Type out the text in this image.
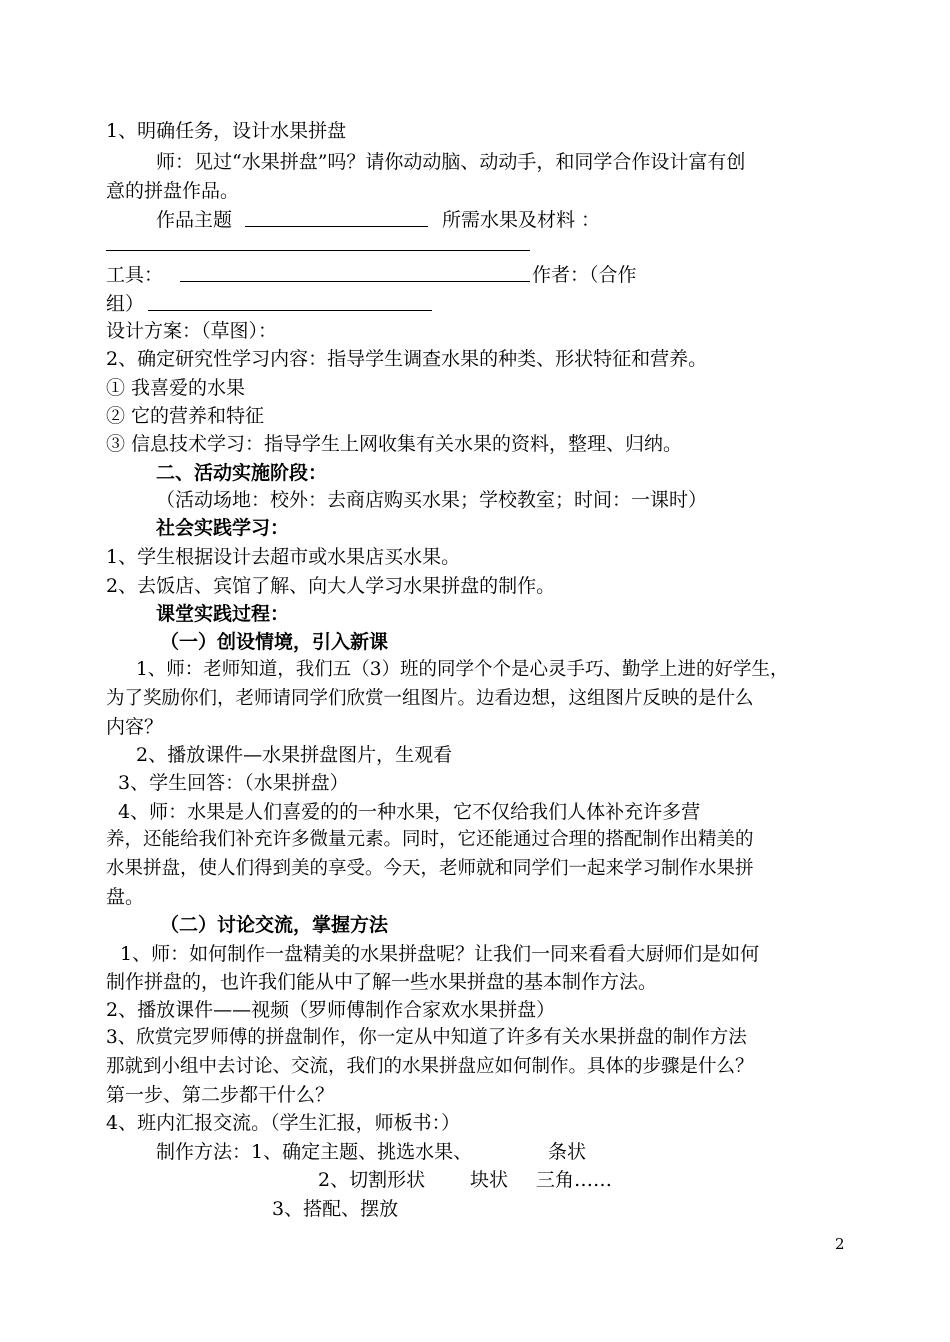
1、明确任务，设计水果拼盘
师：见过“水果拼盘”吗？请你动动脑、动动手，和同学合作设计富有创
意的拼盘作品。
作品主题	所需水果及材料 ：
工具：	作者：（合作
组）
设计方案：（草图）：
2、确定研究性学习内容：指导学生调查水果的种类、形状特征和营养。
① 我喜爱的水果
② 它的营养和特征
③ 信息技术学习：指导学生上网收集有关水果的资料，整理、归纳。
二、活动实施阶段：
（活动场地：校外：去商店购买水果；学校教室；时间：一课时）
社会实践学习：
1、学生根据设计去超市或水果店买水果。
2、去饭店、宾馆了解、向大人学习水果拼盘的制作。
课堂实践过程：
（一）创设情境，引入新课
1、师：老师知道，我们五（3）班的同学个个是心灵手巧、勤学上进的好学生，
为了奖励你们，老师请同学们欣赏一组图片。边看边想，这组图片反映的是什么
内容？
2、播放课件—水果拼盘图片，生观看
3、学生回答：（水果拼盘）
4、师：水果是人们喜爱的的一种水果，它不仅给我们人体补充许多营
养，还能给我们补充许多微量元素。同时，它还能通过合理的搭配制作出精美的
水果拼盘，使人们得到美的享受。今天，老师就和同学们一起来学习制作水果拼
盘。
（二）讨论交流，掌握方法
1、师：如何制作一盘精美的水果拼盘呢？让我们一同来看看大厨师们是如何
制作拼盘的，也许我们能从中了解一些水果拼盘的基本制作方法。
2、播放课件——视频（罗师傅制作合家欢水果拼盘）
3、欣赏完罗师傅的拼盘制作，你一定从中知道了许多有关水果拼盘的制作方法
那就到小组中去讨论、交流，我们的水果拼盘应如何制作。具体的步骤是什么？
第一步、第二步都干什么？
4、班内汇报交流。（学生汇报，师板书：）
制作方法：1、确定主题、挑选水果、	条状
2、切割形状 块状 三角……
3、搭配、摆放
2
